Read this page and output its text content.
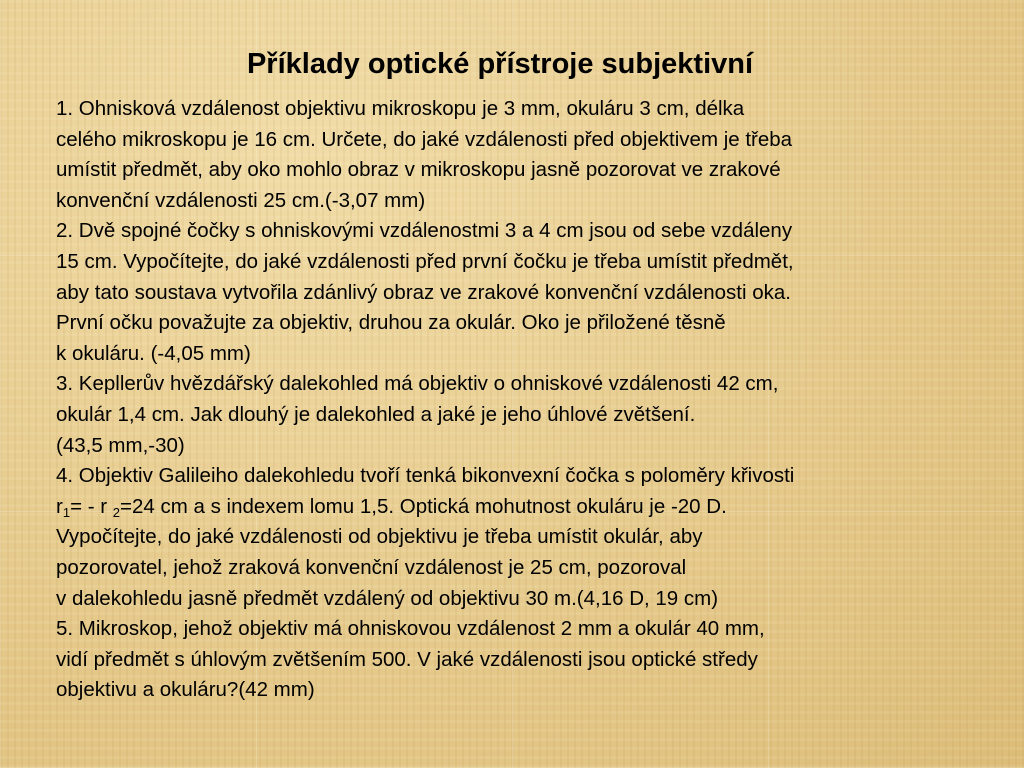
Příklady optické přístroje subjektivní
1. Ohnisková vzdálenost objektivu mikroskopu je 3 mm, okuláru 3 cm, délka
celého mikroskopu je 16 cm. Určete, do jaké vzdálenosti před objektivem je třeba
umístit předmět, aby oko mohlo obraz v mikroskopu jasně pozorovat ve zrakové
konvenční vzdálenosti 25 cm.(-3,07 mm)
2. Dvě spojné čočky s ohniskovými vzdálenostmi 3 a 4 cm jsou od sebe vzdáleny
15 cm. Vypočítejte, do jaké vzdálenosti před první čočku je třeba umístit předmět,
aby tato soustava vytvořila zdánlivý obraz ve zrakové konvenční vzdálenosti oka.
První očku považujte za objektiv, druhou za okulár. Oko je přiložené těsně
k okuláru. (-4,05 mm)
3. Kepllerův hvězdářský dalekohled má objektiv o ohniskové vzdálenosti 42 cm,
okulár 1,4 cm. Jak dlouhý je dalekohled a jaké je jeho úhlové zvětšení.
(43,5 mm,-30)
4. Objektiv Galileiho dalekohledu tvoří tenká bikonvexní čočka s poloměry křivosti
$r_1= - r$ $_2$=24 cm a s indexem lomu 1,5. Optická mohutnost okuláru je -20 D.
Vypočítejte, do jaké vzdálenosti od objektivu je třeba umístit okulár, aby
pozorovatel, jehož zraková konvenční vzdálenost je 25 cm, pozoroval
v dalekohledu jasně předmět vzdálený od objektivu 30 m.(4,16 D, 19 cm)
5. Mikroskop, jehož objektiv má ohniskovou vzdálenost 2 mm a okulár 40 mm,
vidí předmět s úhlovým zvětšením 500. V jaké vzdálenosti jsou optické středy
objektivu a okuláru?(42 mm)
